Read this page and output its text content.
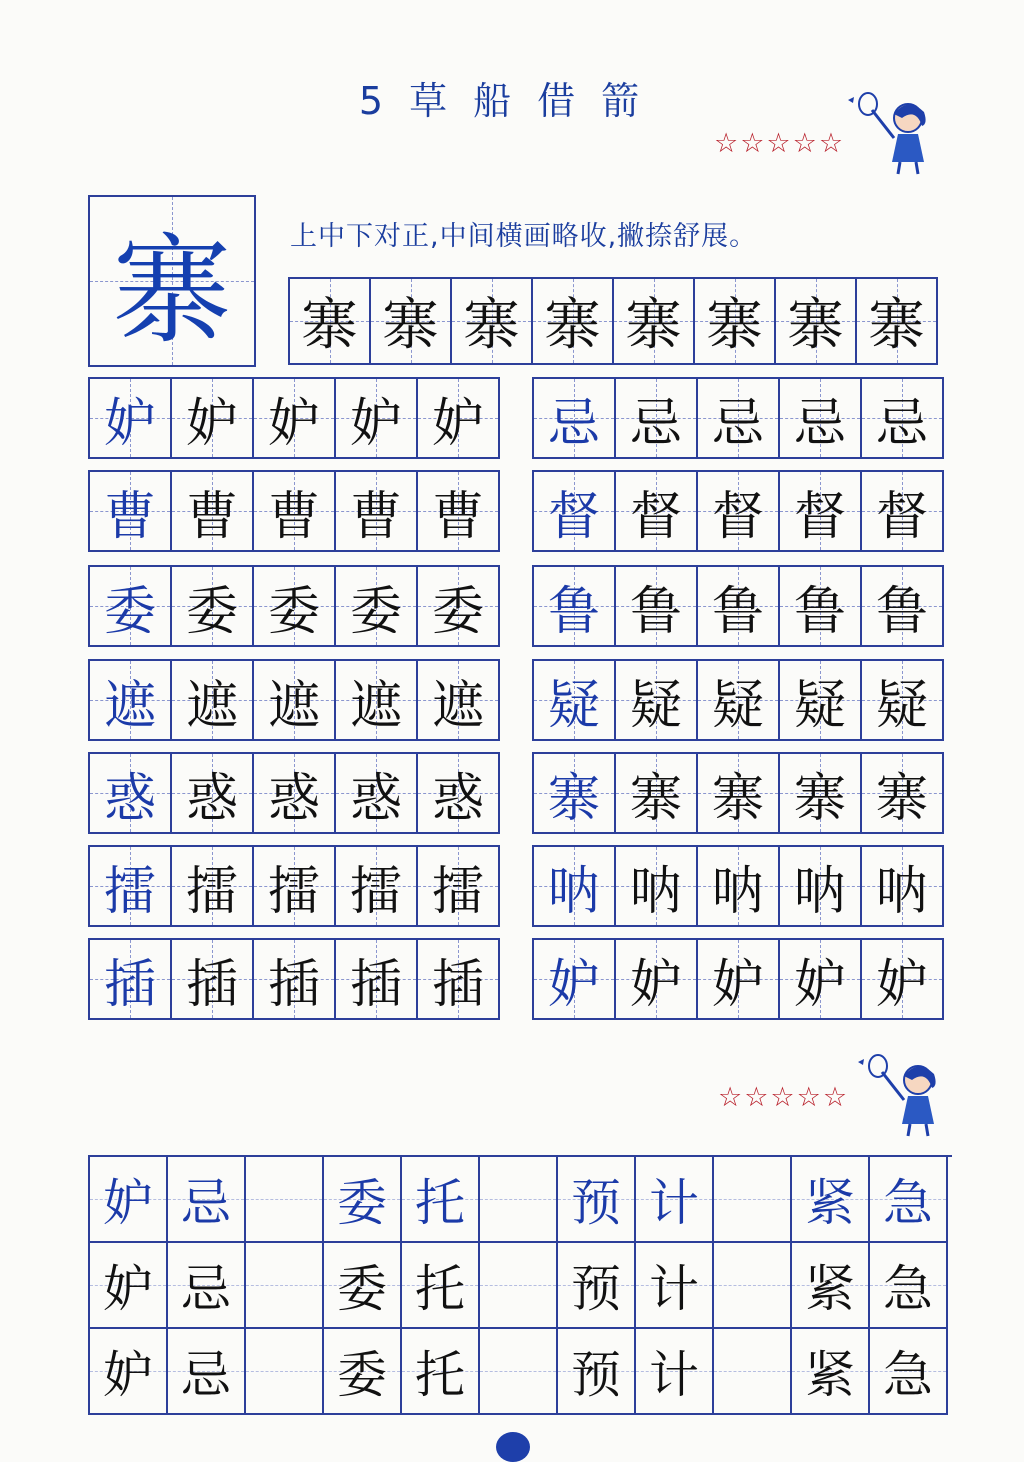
5草船借箭
☆☆☆☆☆
☆☆☆☆☆
寨 上中下对正,中间横画略收,撇捺舒展。
寨 寨 寨 寨 寨 寨 寨 寨
妒 妒 妒 妒 妒
曹 曹 曹 曹 曹
委 委 委 委 委
遮 遮 遮 遮 遮
惑 惑 惑 惑 惑
擂 擂 擂 擂 擂
插 插 插 插 插
忌 忌 忌 忌 忌
督 督 督 督 督
鲁 鲁 鲁 鲁 鲁
疑 疑 疑 疑 疑
寨 寨 寨 寨 寨
呐 呐 呐 呐 呐
妒 妒 妒 妒 妒
妒 忌 委 托 预 计 紧 急
妒 忌 委 托 预 计 紧 急
妒 忌 委 托 预 计 紧 急
